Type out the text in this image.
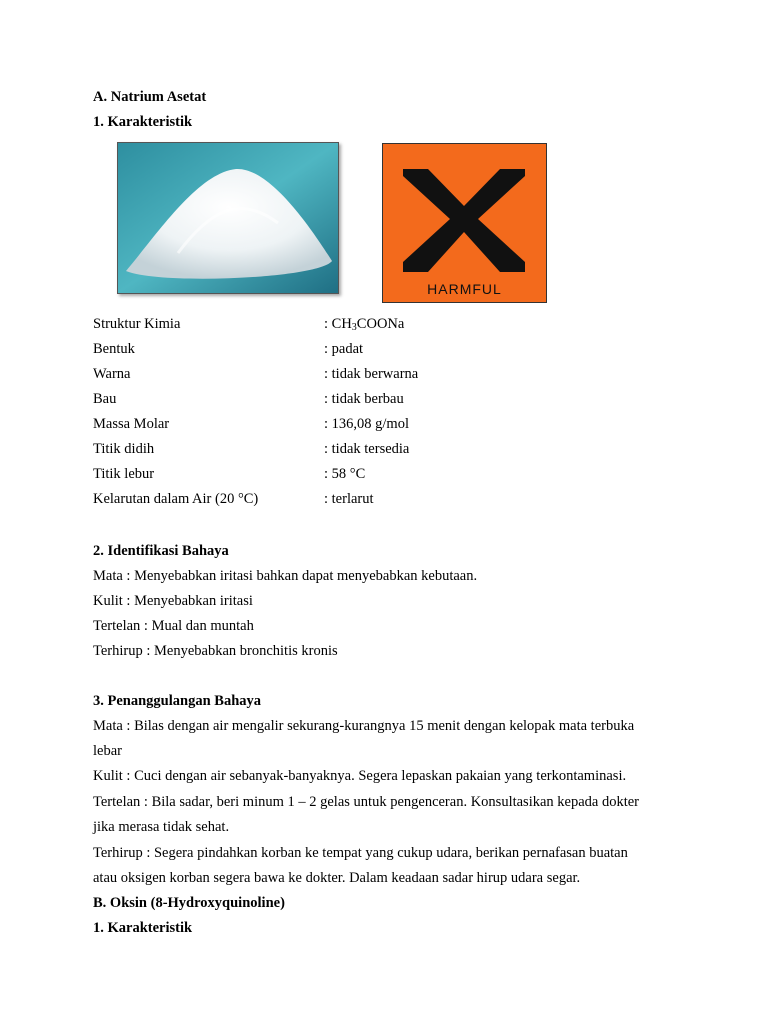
A. Natrium Asetat
1. Karakteristik
HARMFUL
Struktur Kimia	: $CH_3COONa$
Bentuk	: padat
Warna	: tidak berwarna
Bau	: tidak berbau
Massa Molar	: 136,08 g/mol
Titik didih	: tidak tersedia
Titik lebur	: 58 °C
Kelarutan dalam Air (20 °C)	: terlarut
2. Identifikasi Bahaya
Mata : Menyebabkan iritasi bahkan dapat menyebabkan kebutaan.
Kulit : Menyebabkan iritasi
Tertelan : Mual dan muntah
Terhirup : Menyebabkan bronchitis kronis
3. Penanggulangan Bahaya
Mata : Bilas dengan air mengalir sekurang-kurangnya 15 menit dengan kelopak mata terbuka
lebar
Kulit : Cuci dengan air sebanyak-banyaknya. Segera lepaskan pakaian yang terkontaminasi.
Tertelan : Bila sadar, beri minum 1 – 2 gelas untuk pengenceran. Konsultasikan kepada dokter
jika merasa tidak sehat.
Terhirup : Segera pindahkan korban ke tempat yang cukup udara, berikan pernafasan buatan
atau oksigen korban segera bawa ke dokter. Dalam keadaan sadar hirup udara segar.
B. Oksin (8-Hydroxyquinoline)
1. Karakteristik
